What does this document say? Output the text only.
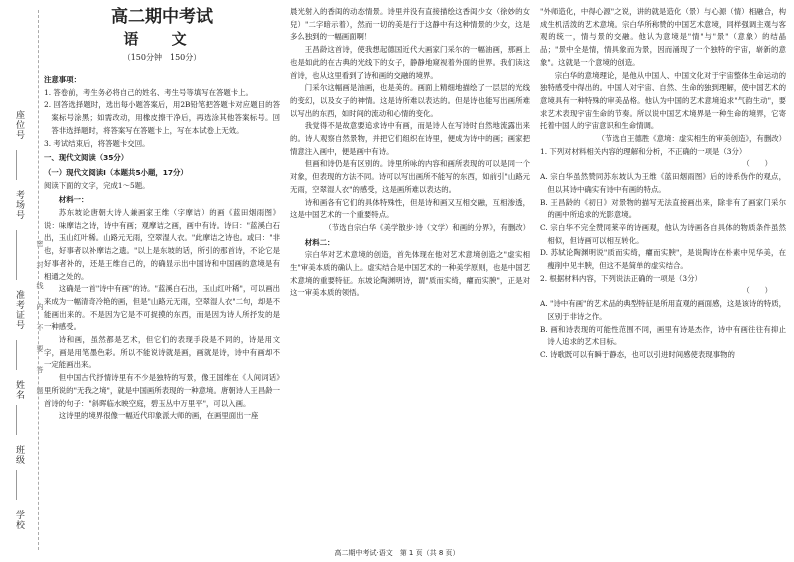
座位号
考场号
准考证号
姓名
班级
学校
密封线内不要答题
高二期中考试
语 文
（150分钟　150分）
注意事项：

1. 答卷前，考生务必将自己的姓名、考生号等填写在答题卡上。

2. 回答选择题时，选出每小题答案后，用2B铅笔把答题卡对应题目的答案标号涂黑；如需改动，用橡皮擦干净后，再选涂其他答案标号。回答非选择题时，将答案写在答题卡上，写在本试卷上无效。

3. 考试结束后，将答题卡交回。

一、现代文阅读（35分）
（一）现代文阅读Ⅰ（本题共5小题，17分）

阅读下面的文字，完成1～5题。

材料一：

苏东坡论唐朝大诗人兼画家王维（字摩诘）的画《蓝田烟雨图》说：味摩诘之诗，诗中有画；观摩诘之画，画中有诗。诗曰："蓝溪白石出，玉山红叶稀。山路元无雨，空翠湿人衣。"此摩诘之诗也。或曰："非也，好事者以补摩诘之遗。"以上是东坡的话，所引的那首诗，不论它是好事者补的，还是王维自己的，的确显示出中国诗和中国画的意境是有相通之处的。

这确是一首"诗中有画"的诗。"蓝溪白石出，玉山红叶稀"，可以画出来成为一幅清奇冷艳的画，但是"山路元无雨，空翠湿人衣"二句，却是不能画出来的。不是因为它是不可捉摸的东西，而是因为诗人所抒发的是一种感受。

诗和画，虽然都是艺术，但它们的表现手段是不同的，诗是用文字，画是用笔墨色彩。所以不能说诗就是画，画就是诗，诗中有画却不一定能画出来。

但中国古代抒情诗里有不少是独特的写景，像王国维在《人间词话》里所说的"无我之境"，就是中国画所表现的一种意境。唐朝诗人王昌龄一首诗的句子："斜晖临水映空庭，碧玉丛中万里平"，可以入画。

这诗里的境界很像一幅近代印象派大师的画，在画里面出一座

晨光射入的香闺的动态情景。诗里并没有直接描绘这香闺少女（徐妙的女兒）"二字暗示着），然而一切的美是行于这静中有这种情景的少女，这是多么独到的一幅画面啊！

王昌龄这首诗，使我想起德国近代大画家门采尔的一幅油画，那画上也是如此的在古典的光线下的女子，静静地窥视着外面的世界。我们读这首诗，也从这里看到了诗和画的交融的境界。

门采尔这幅画是油画，也是美的。画面上精细地描绘了一层层的光线的变幻，以及女子的神情。这是诗所难以表达的。但是诗也能写出画所难以写出的东西，如时间的流动和心情的变化。

我觉得不是故意要追求诗中有画，而是诗人在写诗时自然地流露出来的。诗人观察自然景物，并把它们组织在诗里，便成为诗中的画；画家把情意注入画中，便是画中有诗。

但画和诗仍是有区别的。诗里所咏的内容和画所表现的可以是同一个对象，但表现的方法不同。诗可以写出画所不能写的东西，如前引"山路元无雨，空翠湿人衣"的感受，这是画所难以表达的。

诗和画各有它们的具体特殊性，但是诗和画又互相交融，互相渗透，这是中国艺术的一个重要特点。

（节选自宗白华《美学散步·诗（文学）和画的分界》，有删改）

材料二：

宗白华对艺术意境的创造，首先体现在他对艺术意境创造之"虚实相生"审美本质的确认上。虚实结合是中国艺术的一种美学原则，也是中国艺术意境的重要特征。东坡论陶渊明诗，谓"质而实绮，癯而实腴"，正是对这一审美本质的领悟。

"外师造化，中得心源"之说，讲的就是造化（景）与心源（情）相融合，构成生机活泼的艺术意境。宗白华所称赞的中国艺术意境，同样强调主观与客观的统一，情与景的交融。他认为意境是"情"与"景"（意象）的结晶品；"景中全是情，情具象而为景，因而涌现了一个独特的宇宙，崭新的意象"。这就是一个意境的创造。

宗白华的意境理论，是他从中国人、中国文化对于宇宙整体生命运动的独特感受中得出的。中国人对宇宙、自然、生命的独到理解，使中国艺术的意境具有一种特殊的审美品格。他认为中国的艺术意境追求"气韵生动"，要求艺术表现宇宙生命的节奏。所以说中国艺术境界是一种生命的境界，它寄托着中国人的宇宙意识和生命情调。

（节选自王德胜《意境：虚实相生的审美创造》，有删改）

1. 下列对材料相关内容的理解和分析，不正确的一项是（3分）

（　　）

A. 宗白华虽然赞同苏东坡认为王维《蓝田烟雨图》后的诗系伪作的观点，但以其诗中确实有诗中有画的特点。

B. 王昌龄的《初日》对景物的描写无法直接画出来，除非有了画家门采尔的画中所追求的光影意境。

C. 宗白华不完全赞同莱辛的诗画观，他认为诗画各自具体的物质条件虽然相似，但诗画可以相互转化。

D. 苏轼论陶渊明说"质而实绮，癯而实腴"，是说陶诗在朴素中见华美，在瘦削中见丰腴，但这不是简单的虚实结合。

2. 根据材料内容，下列说法正确的一项是（3分）

（　　）

A. "诗中有画"的艺术品的典型特征是所用直观的画面感，这是该诗的特质，区别于非诗之作。

B. 画和诗表现的可能性范围不同，画里有诗是杰作，诗中有画往往有抑止诗人追求的艺术目标。

C. 诗歌既可以有瞬于静态，也可以引进时间感使表现事物的

高二期中考试·语文　第 1 页（共 8 页）
